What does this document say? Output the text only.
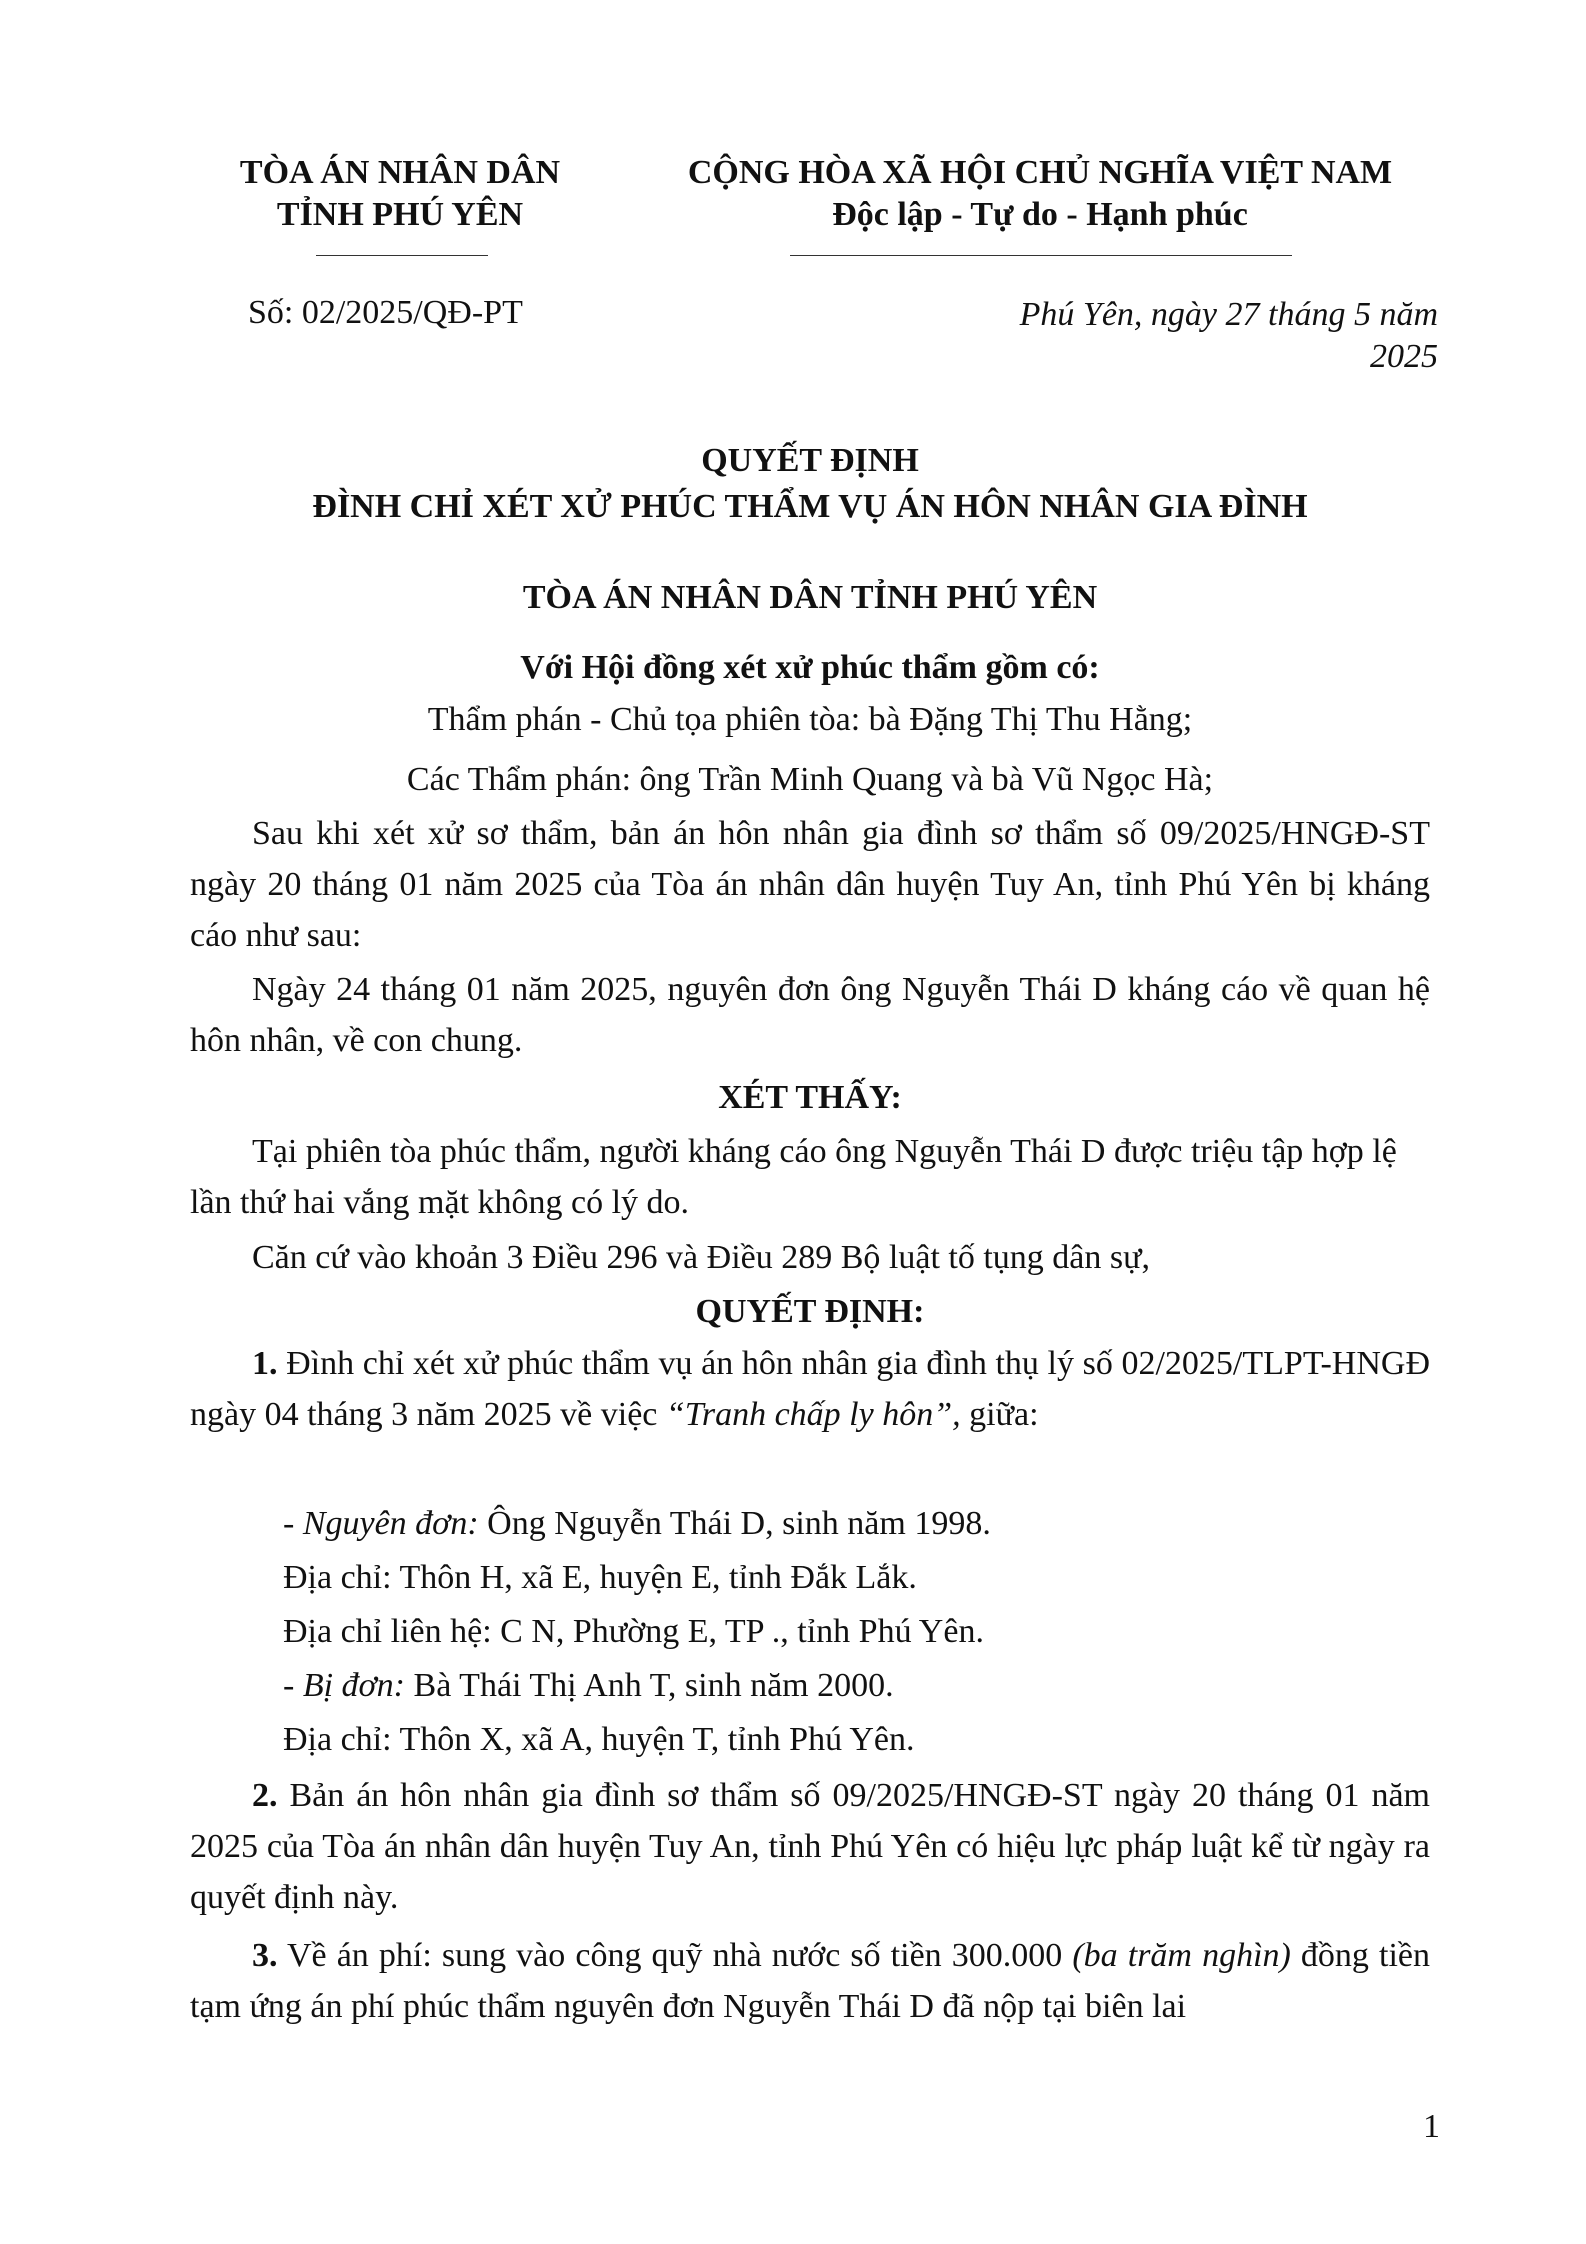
TÒA ÁN NHÂN DÂN
TỈNH PHÚ YÊN
CỘNG HÒA XÃ HỘI CHỦ NGHĨA VIỆT NAM
Độc lập - Tự do - Hạnh phúc
Số: 02/2025/QĐ-PT	Phú Yên, ngày 27 tháng 5 năm
2025
QUYẾT ĐỊNH
ĐÌNH CHỈ XÉT XỬ PHÚC THẨM VỤ ÁN HÔN NHÂN GIA ĐÌNH
TÒA ÁN NHÂN DÂN TỈNH PHÚ YÊN
Với Hội đồng xét xử phúc thẩm gồm có:
Thẩm phán - Chủ tọa phiên tòa: bà Đặng Thị Thu Hằng;
Các Thẩm phán: ông Trần Minh Quang và bà Vũ Ngọc Hà;
Sau khi xét xử sơ thẩm, bản án hôn nhân gia đình sơ thẩm số 09/2025/HNGĐ-ST ngày 20 tháng 01 năm 2025 của Tòa án nhân dân huyện Tuy An, tỉnh Phú Yên bị kháng cáo như sau:
Ngày 24 tháng 01 năm 2025, nguyên đơn ông Nguyễn Thái D kháng cáo về quan hệ hôn nhân, về con chung.
XÉT THẤY:
Tại phiên tòa phúc thẩm, người kháng cáo ông Nguyễn Thái D được triệu tập hợp lệ lần thứ hai vắng mặt không có lý do.
Căn cứ vào khoản 3 Điều 296 và Điều 289 Bộ luật tố tụng dân sự,
QUYẾT ĐỊNH:
1. Đình chỉ xét xử phúc thẩm vụ án hôn nhân gia đình thụ lý số 02/2025/TLPT-HNGĐ ngày 04 tháng 3 năm 2025 về việc “Tranh chấp ly hôn”, giữa:
- Nguyên đơn: Ông Nguyễn Thái D, sinh năm 1998.
Địa chỉ: Thôn H, xã E, huyện E, tỉnh Đắk Lắk.
Địa chỉ liên hệ: C N, Phường E, TP ., tỉnh Phú Yên.
- Bị đơn: Bà Thái Thị Anh T, sinh năm 2000.
Địa chỉ: Thôn X, xã A, huyện T, tỉnh Phú Yên.
2. Bản án hôn nhân gia đình sơ thẩm số 09/2025/HNGĐ-ST ngày 20 tháng 01 năm 2025 của Tòa án nhân dân huyện Tuy An, tỉnh Phú Yên có hiệu lực pháp luật kể từ ngày ra quyết định này.
3. Về án phí: sung vào công quỹ nhà nước số tiền 300.000 (ba trăm nghìn) đồng tiền tạm ứng án phí phúc thẩm nguyên đơn Nguyễn Thái D đã nộp tại biên lai
1
